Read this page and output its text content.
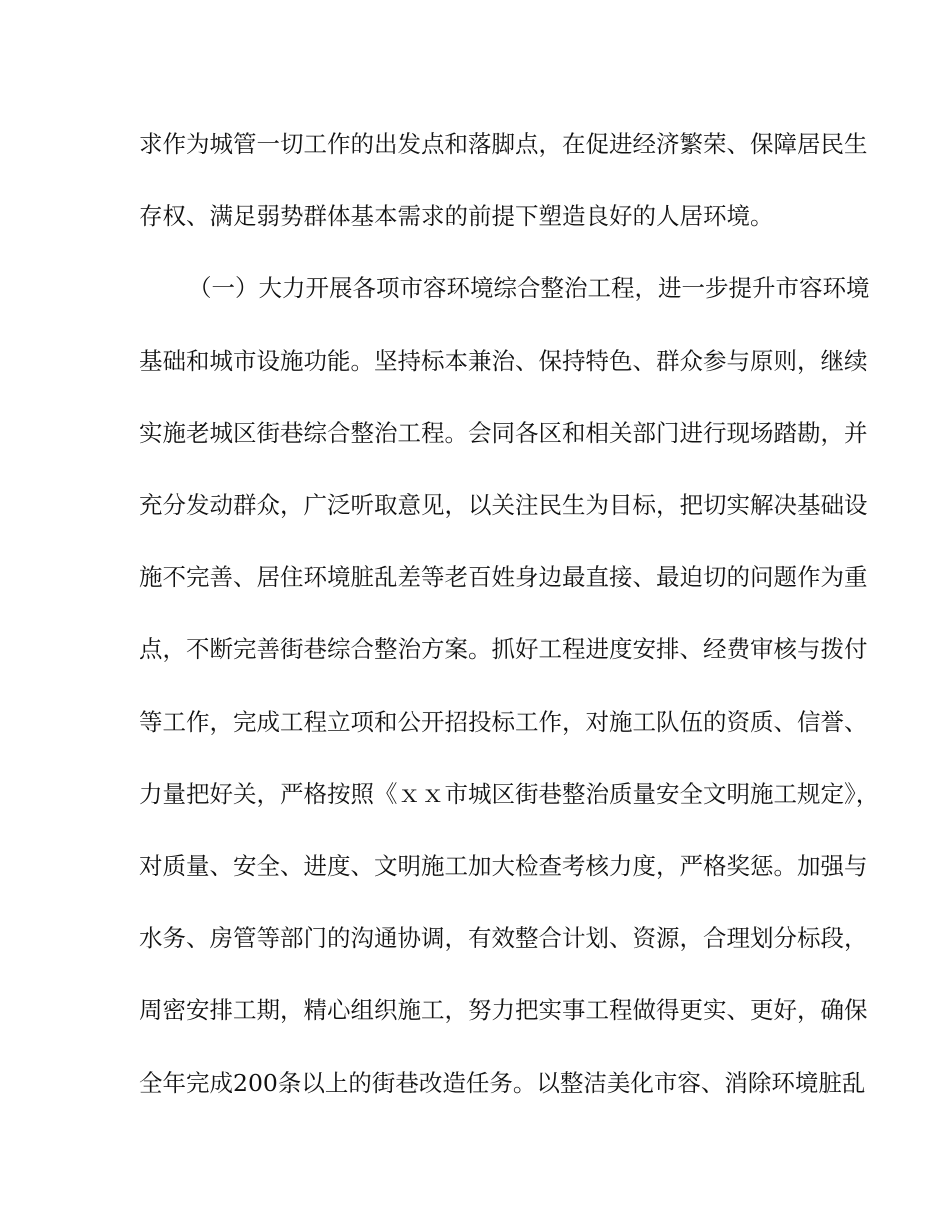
求作为城管一切工作的出发点和落脚点，在促进经济繁荣、保障居民生
存权、满足弱势群体基本需求的前提下塑造良好的人居环境。
（一）大力开展各项市容环境综合整治工程，进一步提升市容环境
基础和城市设施功能。坚持标本兼治、保持特色、群众参与原则，继续
实施老城区街巷综合整治工程。会同各区和相关部门进行现场踏勘，并
充分发动群众，广泛听取意见，以关注民生为目标，把切实解决基础设
施不完善、居住环境脏乱差等老百姓身边最直接、最迫切的问题作为重
点，不断完善街巷综合整治方案。抓好工程进度安排、经费审核与拨付
等工作，完成工程立项和公开招投标工作，对施工队伍的资质、信誉、
力量把好关，严格按照《ｘｘ市城区街巷整治质量安全文明施工规定》，
对质量、安全、进度、文明施工加大检查考核力度，严格奖惩。加强与
水务、房管等部门的沟通协调，有效整合计划、资源，合理划分标段，
周密安排工期，精心组织施工，努力把实事工程做得更实、更好，确保
全年完成200条以上的街巷改造任务。以整洁美化市容、消除环境脏乱
